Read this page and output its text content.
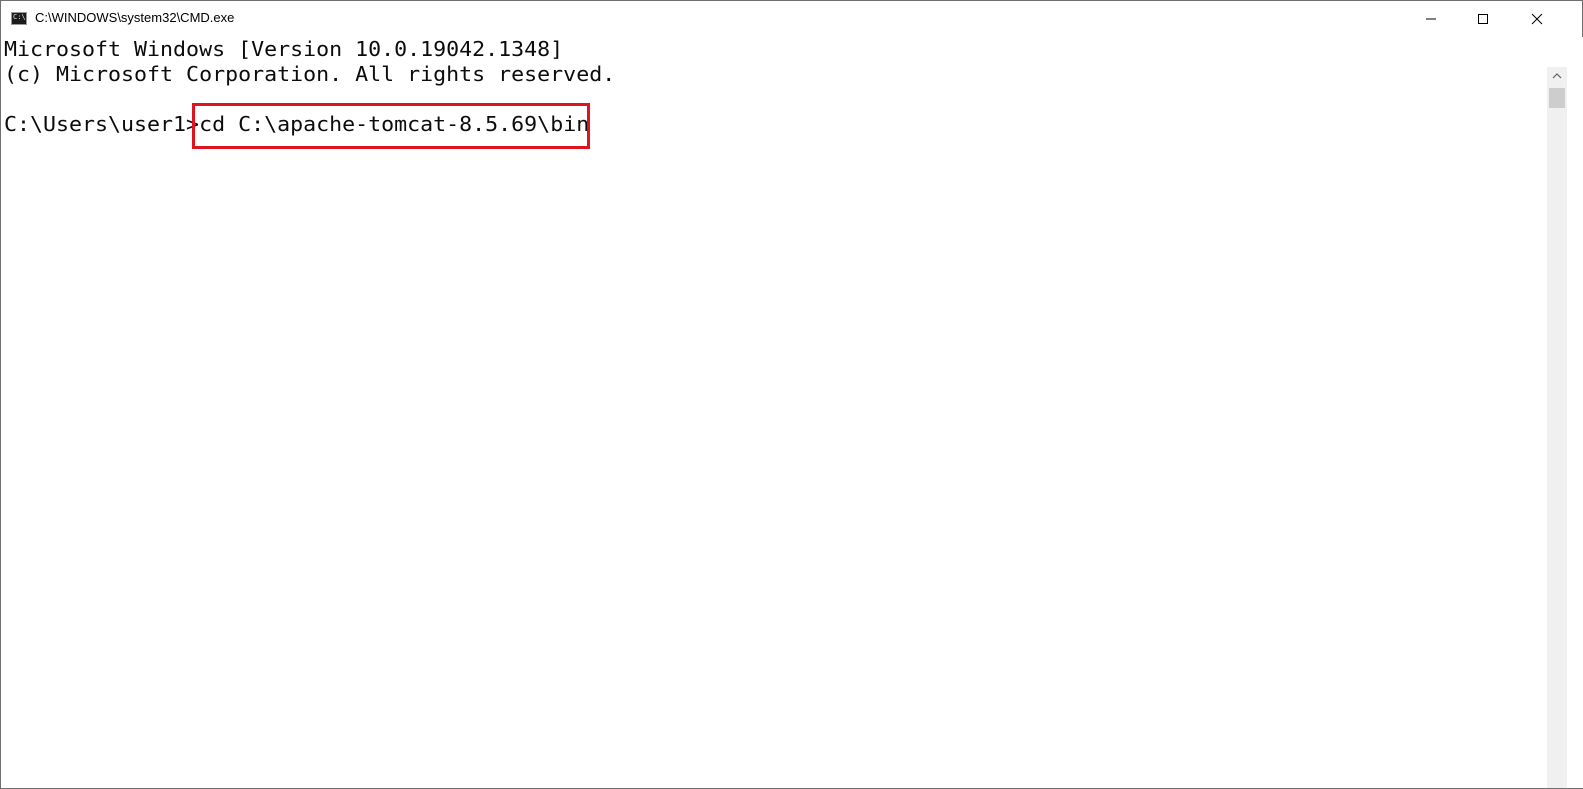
C:\. C:\WINDOWS\system32\CMD.exe
Microsoft Windows [Version 10.0.19042.1348]
(c) Microsoft Corporation. All rights reserved.
C:\Users\user1> cd C:\apache-tomcat-8.5.69\bin
